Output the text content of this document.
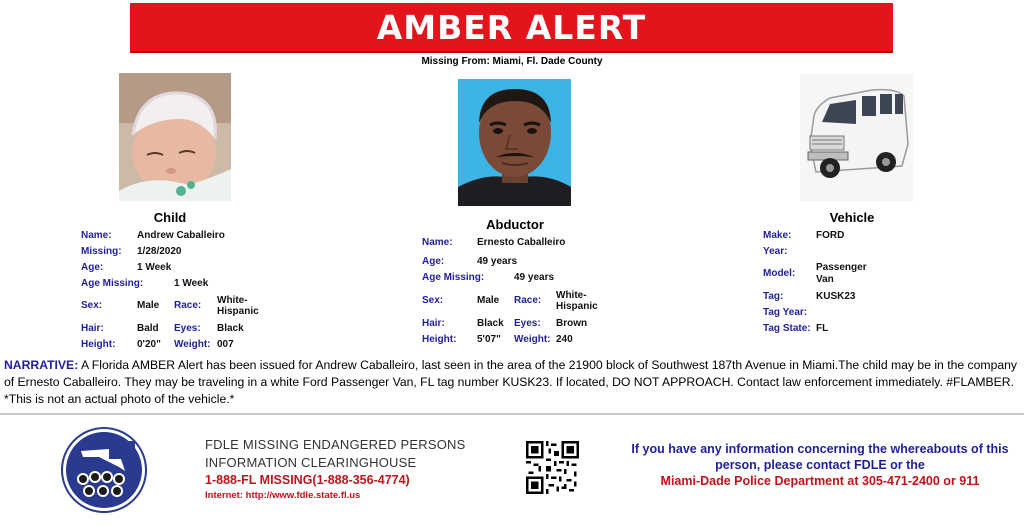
AMBER ALERT
Missing From: Miami, Fl. Dade County
Child	Abductor	Vehicle
Name:	Andrew Caballeiro
Missing: 1/28/2020
Age:	1 Week
Age Missing:	1 Week
Sex:	Male Race: White-Hispanic
Hair:	Bald Eyes: Black
Height: 0'20" Weight: 007
Name: Ernesto Caballeiro
Age:	49 years
Age Missing:	49 years
Sex:	Male Race: White-Hispanic
Hair:	Black Eyes: Brown
Height: 5'07" Weight: 240
Make: FORD
Year:
Model:
Passenger
Van
Tag:	KUSK23
Tag Year:
Tag State: FL
NARRATIVE: A Florida AMBER Alert has been issued for Andrew Caballeiro, last seen in the area of the 21900 block of Southwest 187th Avenue in Miami.The child may be in the company of Ernesto Caballeiro. They may be traveling in a white Ford Passenger Van, FL tag number KUSK23. If located, DO NOT APPROACH. Contact law enforcement immediately. #FLAMBER. *This is not an actual photo of the vehicle.*
FDLE MISSING ENDANGERED PERSONS
INFORMATION CLEARINGHOUSE
1-888-FL MISSING(1-888-356-4774)
Internet: http://www.fdle.state.fl.us
If you have any information concerning the whereabouts of this
person, please contact FDLE or the
Miami-Dade Police Department at 305-471-2400 or 911
